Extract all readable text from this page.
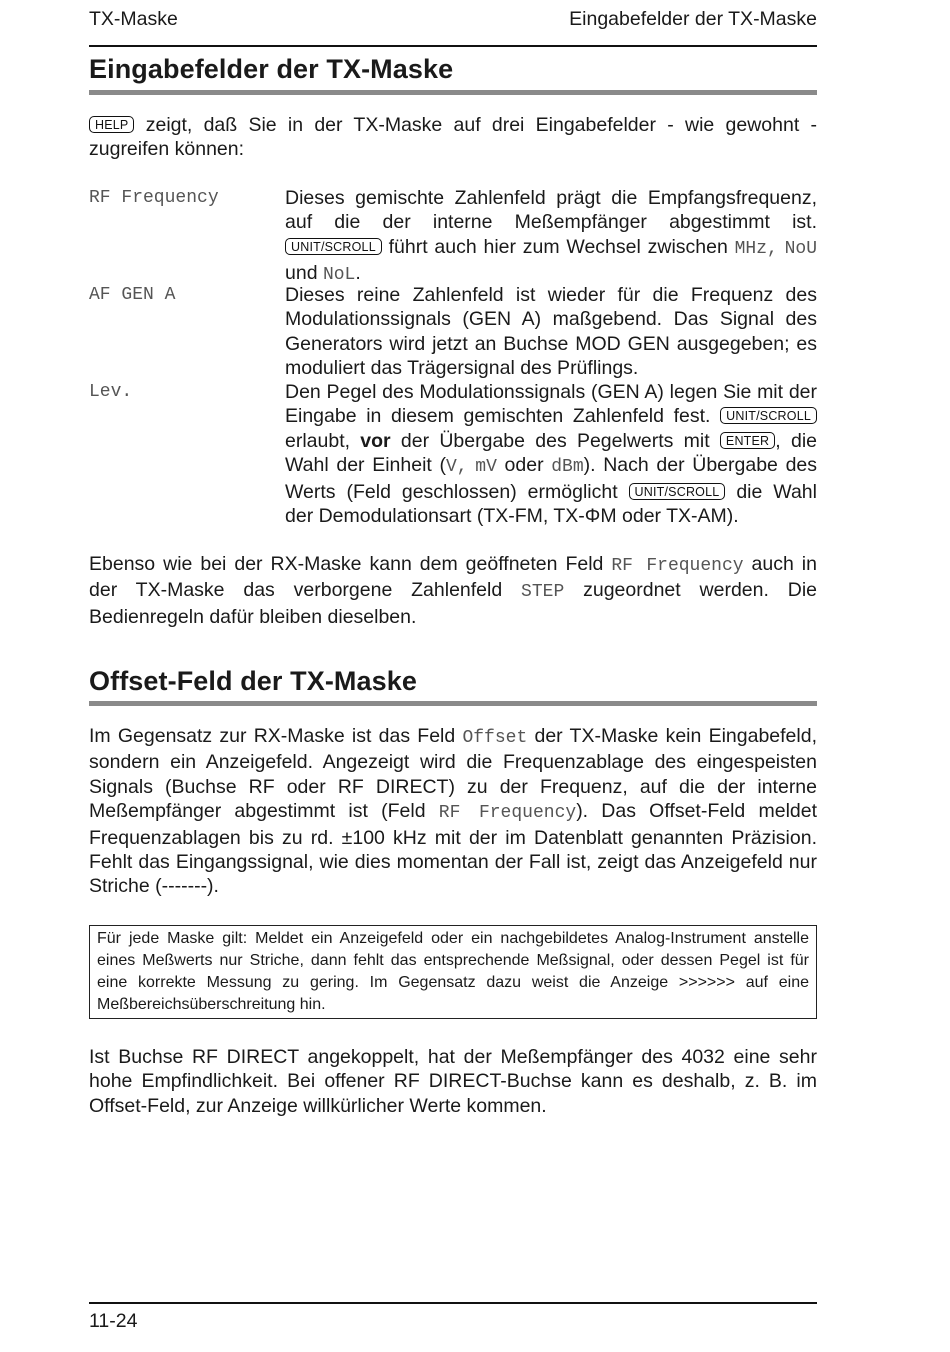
TX-Maske	Eingabefelder der TX-Maske
Eingabefelder der TX-Maske
HELP zeigt, daß Sie in der TX-Maske auf drei Eingabefelder - wie gewohnt - zugreifen können:
RF Frequency	Dieses gemischte Zahlenfeld prägt die Empfangsfrequenz, auf die der interne Meßempfänger abgestimmt ist. UNIT/SCROLL führt auch hier zum Wechsel zwischen MHz, NoU und NoL.
AF GEN A	Dieses reine Zahlenfeld ist wieder für die Frequenz des Modulationssignals (GEN A) maßgebend. Das Signal des Generators wird jetzt an Buchse MOD GEN ausgegeben; es moduliert das Trägersignal des Prüflings.
Lev.	Den Pegel des Modulationssignals (GEN A) legen Sie mit der Eingabe in diesem gemischten Zahlenfeld fest. UNIT/SCROLL erlaubt, vor der Übergabe des Pegelwerts mit ENTER , die Wahl der Einheit (V, mV oder dBm). Nach der Übergabe des Werts (Feld geschlossen) ermöglicht UNIT/SCROLL die Wahl der Demodulationsart (TX-FM, TX-ΦM oder TX-AM).
Ebenso wie bei der RX-Maske kann dem geöffneten Feld RF Frequency auch in der TX-Maske das verborgene Zahlenfeld STEP zugeordnet werden. Die Bedienregeln dafür bleiben dieselben.
Offset-Feld der TX-Maske
Im Gegensatz zur RX-Maske ist das Feld Offset der TX-Maske kein Eingabefeld, sondern ein Anzeigefeld. Angezeigt wird die Frequenzablage des eingespeisten Signals (Buchse RF oder RF DIRECT) zu der Frequenz, auf die der interne Meßempfänger abgestimmt ist (Feld RF Frequency). Das Offset-Feld meldet Frequenzablagen bis zu rd. ±100 kHz mit der im Datenblatt genannten Präzision. Fehlt das Eingangssignal, wie dies momentan der Fall ist, zeigt das Anzeigefeld nur Striche (-------).
Für jede Maske gilt: Meldet ein Anzeigefeld oder ein nachgebildetes Analog-Instrument anstelle eines Meßwerts nur Striche, dann fehlt das entsprechende Meßsignal, oder dessen Pegel ist für eine korrekte Messung zu gering. Im Gegensatz dazu weist die Anzeige >>>>>> auf eine Meßbereichsüberschreitung hin.
Ist Buchse RF DIRECT angekoppelt, hat der Meßempfänger des 4032 eine sehr hohe Empfindlichkeit. Bei offener RF DIRECT-Buchse kann es deshalb, z. B. im Offset-Feld, zur Anzeige willkürlicher Werte kommen.
11-24
